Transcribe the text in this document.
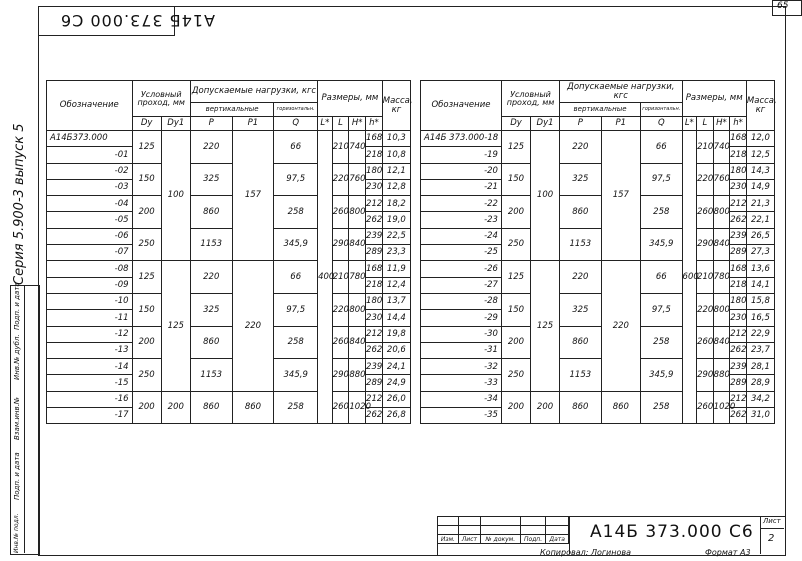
65
А14Б 373.000 С6
Серия 5.900-3 выпуск 5
Инв.№ подл.
Подп. и дата
Взам.инв.№
Инв.№ дубл.
Подп. и дата
Обозначение	Условный проход, мм		Допускаемые нагрузки, кгс			Размеры, мм				Масса, кг
			вертикальные		горизонтальн.					
	Dу	Dу1	P	P1	Q	L*	L	H*	h*	
А14Б373.000	125	100	220	157	66	400	210	740	168	10,3
-01									218	10,8
-02	150		325		97,5		220	760	180	12,1
-03									230	12,8
-04	200		860		258		260	800	212	18,2
-05									262	19,0
-06	250		1153		345,9		290	840	239	22,5
-07									289	23,3
-08	125	125	220	220	66		210	780	168	11,9
-09									218	12,4
-10	150		325		97,5		220	800	180	13,7
-11									230	14,4
-12	200		860		258		260	840	212	19,8
-13									262	20,6
-14	250		1153		345,9		290	880	239	24,1
-15									289	24,9
-16	200	200	860	860	258		260	1020	212	26,0
-17									262	26,8
Обозначение	Условный проход, мм		Допускаемые нагрузки, кгс			Размеры, мм				Масса, кг
			вертикальные		горизонтальн.					
	Dу	Dу1	P	P1	Q	L*	L	H*	h*	
А14Б 373.000-18	125	100	220	157	66	600	210	740	168	12,0
-19									218	12,5
-20	150		325		97,5		220	760	180	14,3
-21									230	14,9
-22	200		860		258		260	800	212	21,3
-23									262	22,1
-24	250		1153		345,9		290	840	239	26,5
-25									289	27,3
-26	125	125	220	220	66		210	780	168	13,6
-27									218	14,1
-28	150		325		97,5		220	800	180	15,8
-29									230	16,5
-30	200		860		258		260	840	212	22,9
-31									262	23,7
-32	250		1153		345,9		290	880	239	28,1
-33									289	28,9
-34	200	200	860	860	258		260	1020	212	34,2
-35									262	31,0

Изм.	Лист	№ докум.	Подп.	Дата А14Б 373.000 С6
Лист
2
Копировал: Логинова	Формат А3
